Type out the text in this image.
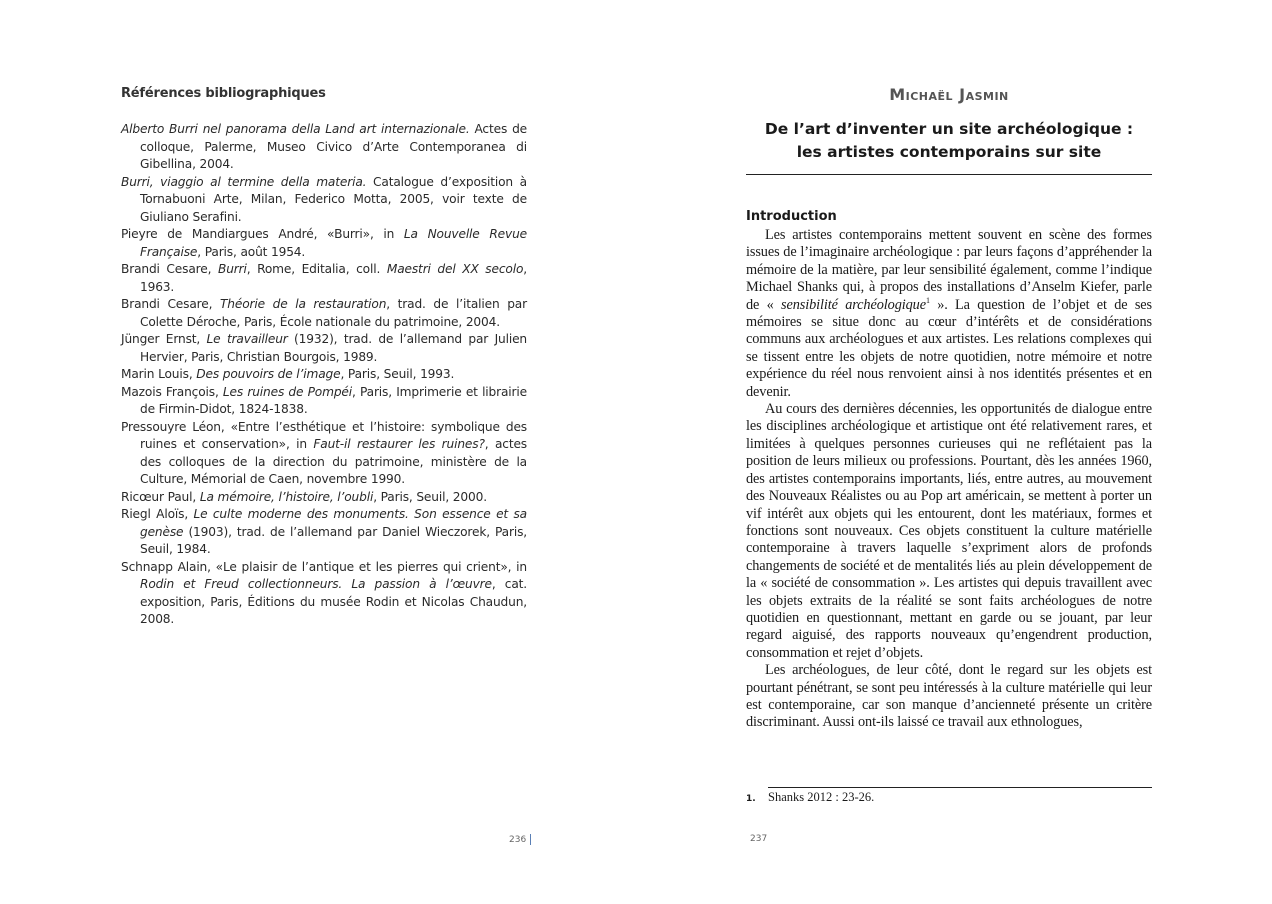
Références bibliographiques
Alberto Burri nel panorama della Land art internazionale. Actes de colloque, Palerme, Museo Civico d’Arte Contemporanea di Gibellina, 2004.
Burri, viaggio al termine della materia. Catalogue d’exposition à Tornabuoni Arte, Milan, Federico Motta, 2005, voir texte de Giuliano Serafini.
Pieyre de Mandiargues André, «Burri», in La Nouvelle Revue Française, Paris, août 1954.
Brandi Cesare, Burri, Rome, Editalia, coll. Maestri del XX secolo, 1963.
Brandi Cesare, Théorie de la restauration, trad. de l’italien par Colette Déroche, Paris, École nationale du patrimoine, 2004.
Jünger Ernst, Le travailleur (1932), trad. de l’allemand par Julien Hervier, Paris, Christian Bourgois, 1989.
Marin Louis, Des pouvoirs de l’image, Paris, Seuil, 1993.
Mazois François, Les ruines de Pompéi, Paris, Imprimerie et librairie de Firmin-Didot, 1824-1838.
Pressouyre Léon, «Entre l’esthétique et l’histoire: symbolique des ruines et conservation», in Faut-il restaurer les ruines?, actes des colloques de la direction du patrimoine, ministère de la Culture, Mémorial de Caen, novembre 1990.
Ricœur Paul, La mémoire, l’histoire, l’oubli, Paris, Seuil, 2000.
Riegl Aloïs, Le culte moderne des monuments. Son essence et sa genèse (1903), trad. de l’allemand par Daniel Wieczorek, Paris, Seuil, 1984.
Schnapp Alain, «Le plaisir de l’antique et les pierres qui crient», in Rodin et Freud collectionneurs. La passion à l’œuvre, cat. exposition, Paris, Éditions du musée Rodin et Nicolas Chaudun, 2008.
236
Michaël Jasmin
De l’art d’inventer un site archéologique :
les artistes contemporains sur site
Introduction

Les artistes contemporains mettent souvent en scène des formes issues de l’imaginaire archéologique : par leurs façons d’appréhender la mémoire de la matière, par leur sensibilité également, comme l’indique Michael Shanks qui, à propos des installations d’Anselm Kiefer, parle de « sensibilité archéologique$^1$ ». La question de l’objet et de ses mémoires se situe donc au cœur d’intérêts et de considérations communs aux archéologues et aux artistes. Les relations complexes qui se tissent entre les objets de notre quotidien, notre mémoire et notre expérience du réel nous renvoient ainsi à nos identités présentes et en devenir.

Au cours des dernières décennies, les opportunités de dialogue entre les disciplines archéologique et artistique ont été relativement rares, et limitées à quelques personnes curieuses qui ne reflétaient pas la position de leurs milieux ou professions. Pourtant, dès les années 1960, des artistes contemporains importants, liés, entre autres, au mouvement des Nouveaux Réalistes ou au Pop art américain, se mettent à porter un vif intérêt aux objets qui les entourent, dont les matériaux, formes et fonctions sont nouveaux. Ces objets constituent la culture matérielle contemporaine à travers laquelle s’expriment alors de profonds changements de société et de mentalités liés au plein développement de la « société de consommation ». Les artistes qui depuis travaillent avec les objets extraits de la réalité se sont faits archéologues de notre quotidien en questionnant, mettant en garde ou se jouant, par leur regard aiguisé, des rapports nouveaux qu’engendrent production, consommation et rejet d’objets.

Les archéologues, de leur côté, dont le regard sur les objets est pourtant pénétrant, se sont peu intéressés à la culture matérielle qui leur est contemporaine, car son manque d’ancienneté présente un critère discriminant. Aussi ont-ils laissé ce travail aux ethnologues,

1. Shanks 2012 : 23-26.
237
